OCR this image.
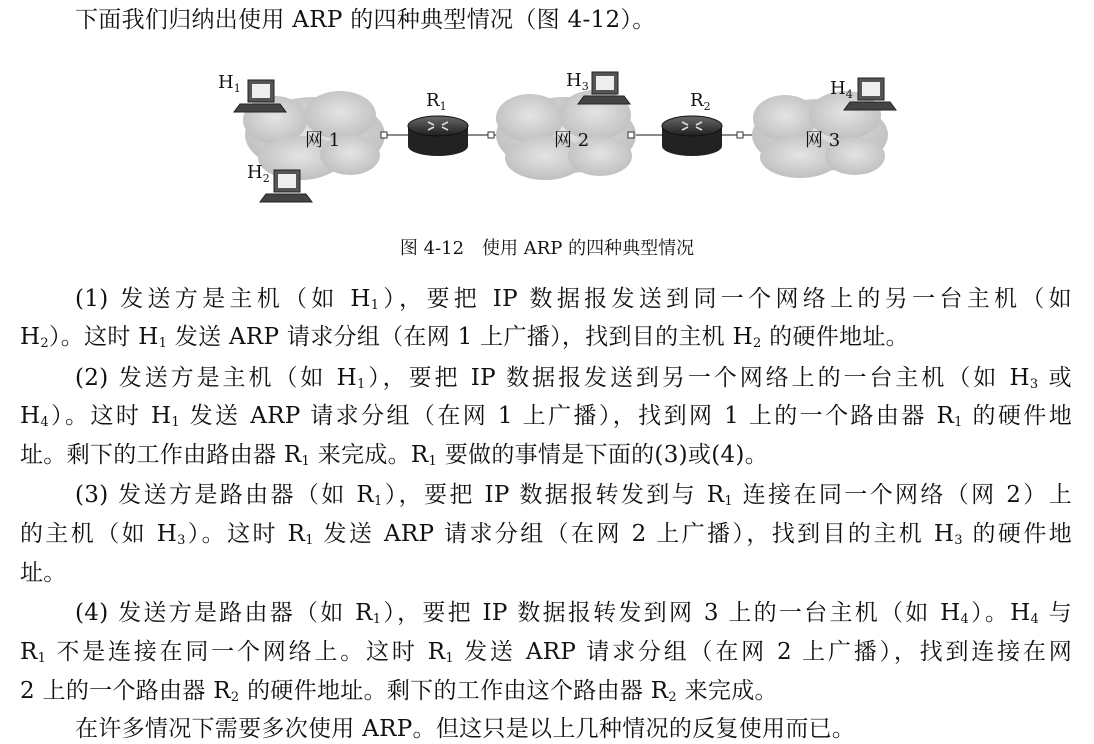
下面我们归纳出使用 ARP 的四种典型情况（图 4-12）。
网 1	网 2	网 3
$R_1$	$R_2$
$H_1$
$H_2$
$H_3$	$H_4$
图 4-12　使用 ARP 的四种典型情况
(1) 发送方是主机（如 $H_1$），要把 IP 数据报发送到同一个网络上的另一台主机（如
$H_2$）。这时 $H_1$ 发送 ARP 请求分组（在网 1 上广播），找到目的主机 $H_2$ 的硬件地址。
(2) 发送方是主机（如 $H_1$），要把 IP 数据报发送到另一个网络上的一台主机（如 $H_3$ 或
$H_4$）。这时 $H_1$ 发送 ARP 请求分组（在网 1 上广播），找到网 1 上的一个路由器 $R_1$ 的硬件地
址。剩下的工作由路由器 $R_1$ 来完成。$R_1$ 要做的事情是下面的(3)或(4)。
(3) 发送方是路由器（如 $R_1$），要把 IP 数据报转发到与 $R_1$ 连接在同一个网络（网 2）上
的主机（如 $H_3$）。这时 $R_1$ 发送 ARP 请求分组（在网 2 上广播），找到目的主机 $H_3$ 的硬件地
址。
(4) 发送方是路由器（如 $R_1$），要把 IP 数据报转发到网 3 上的一台主机（如 $H_4$）。$H_4$ 与
$R_1$ 不是连接在同一个网络上。这时 $R_1$ 发送 ARP 请求分组（在网 2 上广播），找到连接在网
2 上的一个路由器 $R_2$ 的硬件地址。剩下的工作由这个路由器 $R_2$ 来完成。
在许多情况下需要多次使用 ARP。但这只是以上几种情况的反复使用而已。
